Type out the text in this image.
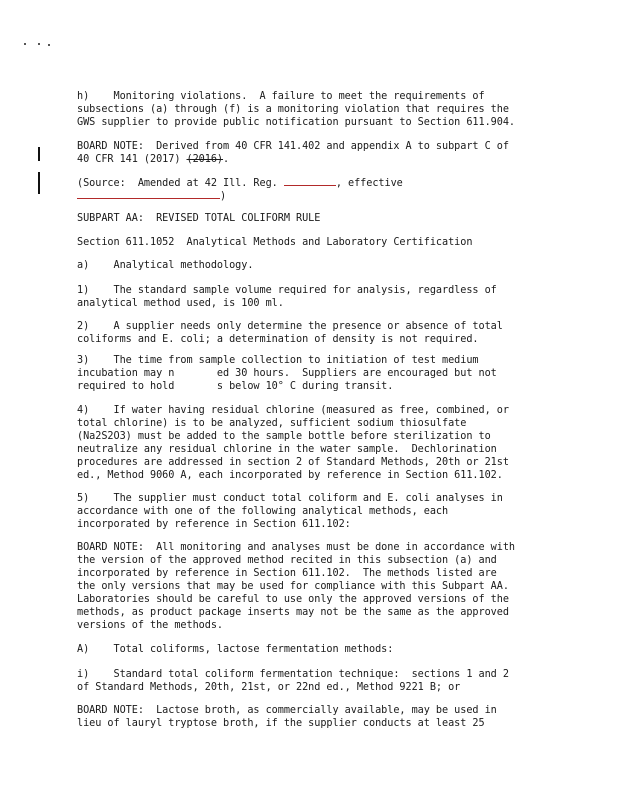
h)    Monitoring violations.  A failure to meet the requirements of
subsections (a) through (f) is a monitoring violation that requires the
GWS supplier to provide public notification pursuant to Section 611.904.
BOARD NOTE:  Derived from 40 CFR 141.402 and appendix A to subpart C of
40 CFR 141 (2017) (2016).
(Source:  Amended at 42 Ill. Reg.	, effective
)
SUBPART AA:  REVISED TOTAL COLIFORM RULE
Section 611.1052  Analytical Methods and Laboratory Certification
a)    Analytical methodology.
1)    The standard sample volume required for analysis, regardless of
analytical method used, is 100 ml.
2)    A supplier needs only determine the presence or absence of total
coliforms and E. coli; a determination of density is not required.
3)    The time from sample collection to initiation of test medium
incubation may n       ed 30 hours.  Suppliers are encouraged but not
required to hold       s below 10° C during transit.
4)    If water having residual chlorine (measured as free, combined, or
total chlorine) is to be analyzed, sufficient sodium thiosulfate
(Na2S2O3) must be added to the sample bottle before sterilization to
neutralize any residual chlorine in the water sample.  Dechlorination
procedures are addressed in section 2 of Standard Methods, 20th or 21st
ed., Method 9060 A, each incorporated by reference in Section 611.102.
5)    The supplier must conduct total coliform and E. coli analyses in
accordance with one of the following analytical methods, each
incorporated by reference in Section 611.102:
BOARD NOTE:  All monitoring and analyses must be done in accordance with
the version of the approved method recited in this subsection (a) and
incorporated by reference in Section 611.102.  The methods listed are
the only versions that may be used for compliance with this Subpart AA.
Laboratories should be careful to use only the approved versions of the
methods, as product package inserts may not be the same as the approved
versions of the methods.
A)    Total coliforms, lactose fermentation methods:
i)    Standard total coliform fermentation technique:  sections 1 and 2
of Standard Methods, 20th, 21st, or 22nd ed., Method 9221 B; or
BOARD NOTE:  Lactose broth, as commercially available, may be used in
lieu of lauryl tryptose broth, if the supplier conducts at least 25
